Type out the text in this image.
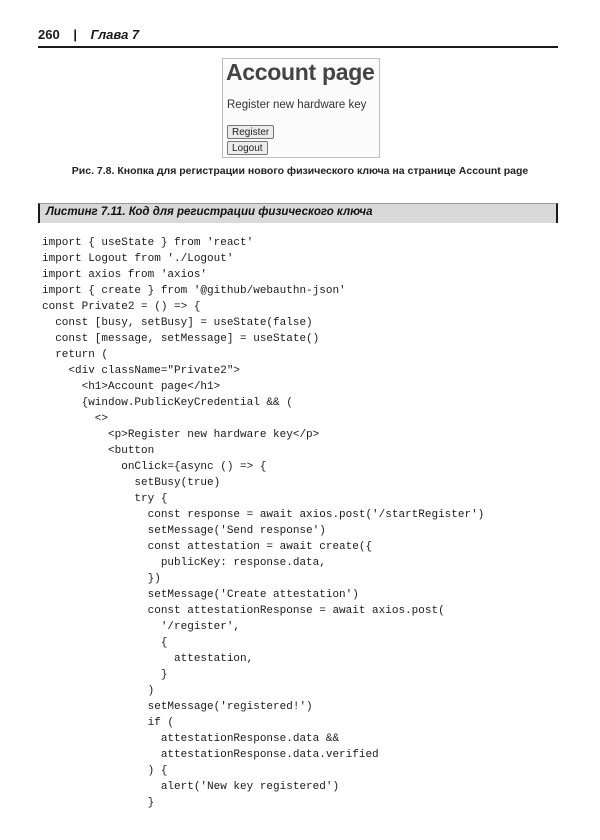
260 | Глава 7
Account page
Register new hardware key
Register
Logout
Рис. 7.8. Кнопка для регистрации нового физического ключа на странице Account page
Листинг 7.11. Код для регистрации физического ключа
import { useState } from 'react'
import Logout from './Logout'
import axios from 'axios'
import { create } from '@github/webauthn-json'
const Private2 = () => {
const [busy, setBusy] = useState(false)
const [message, setMessage] = useState()
return (
<div className="Private2">
<h1>Account page</h1>
{window.PublicKeyCredential && (
<>
<p>Register new hardware key</p>
<button
onClick={async () => {
setBusy(true)
try {
const response = await axios.post('/startRegister')
setMessage('Send response')
const attestation = await create({
publicKey: response.data,
})
setMessage('Create attestation')
const attestationResponse = await axios.post(
'/register',
{
attestation,
}
)
setMessage('registered!')
if (
attestationResponse.data &&
attestationResponse.data.verified
) {
alert('New key registered')
}
